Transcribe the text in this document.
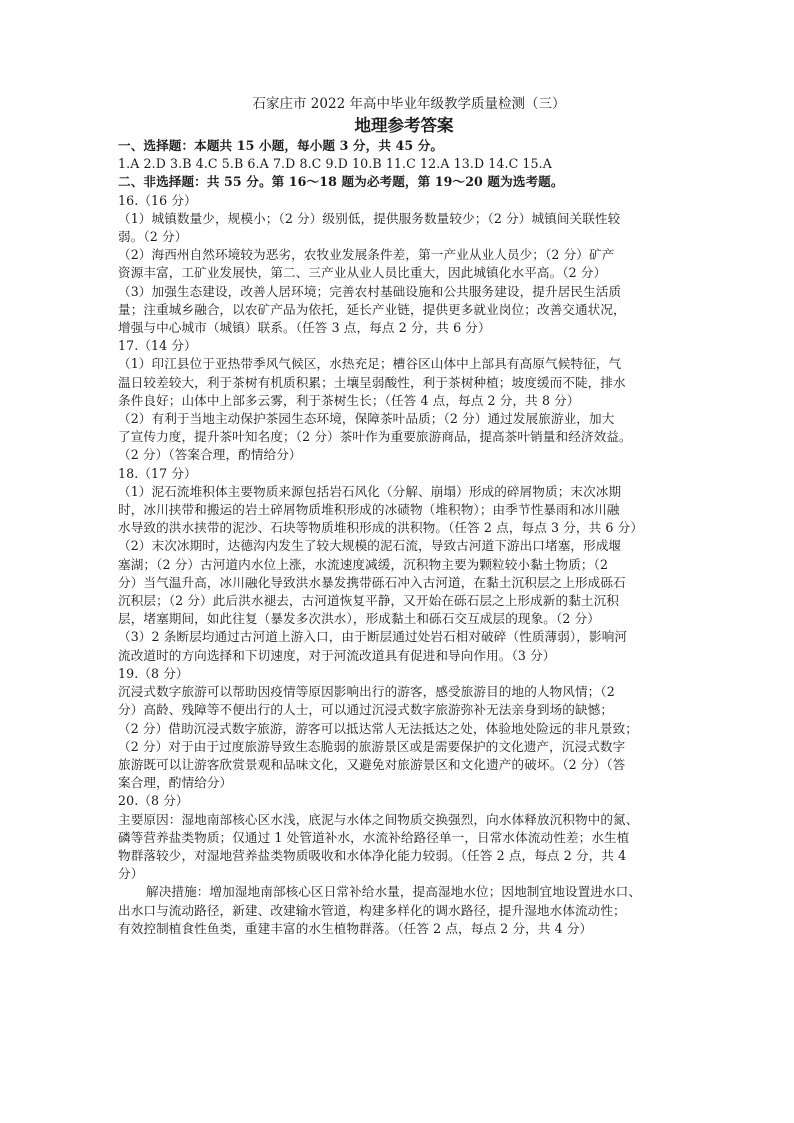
石家庄市 2022 年高中毕业年级教学质量检测（三）
地理参考答案
一、选择题：本题共 15 小题，每小题 3 分，共 45 分。
1.A 2.D 3.B 4.C 5.B 6.A 7.D 8.C 9.D 10.B 11.C 12.A 13.D 14.C 15.A
二、非选择题：共 55 分。第 16～18 题为必考题，第 19～20 题为选考题。
16.（16 分）
（1）城镇数量少，规模小；（2 分）级别低，提供服务数量较少；（2 分）城镇间关联性较
弱。（2 分）
（2）海西州自然环境较为恶劣，农牧业发展条件差，第一产业从业人员少；（2 分）矿产
资源丰富，工矿业发展快，第二、三产业从业人员比重大，因此城镇化水平高。（2 分）
（3）加强生态建设，改善人居环境；完善农村基础设施和公共服务建设，提升居民生活质
量；注重城乡融合，以农矿产品为依托，延长产业链，提供更多就业岗位；改善交通状况，
增强与中心城市（城镇）联系。（任答 3 点，每点 2 分，共 6 分）
17.（14 分）
（1）印江县位于亚热带季风气候区，水热充足；槽谷区山体中上部具有高原气候特征，气
温日较差较大，利于茶树有机质积累；土壤呈弱酸性，利于茶树种植；坡度缓而不陡，排水
条件良好；山体中上部多云雾，利于茶树生长；（任答 4 点，每点 2 分，共 8 分）
（2）有利于当地主动保护茶园生态环境，保障茶叶品质；（2 分）通过发展旅游业，加大
了宣传力度，提升茶叶知名度；（2 分）茶叶作为重要旅游商品，提高茶叶销量和经济效益。
（2 分）（答案合理，酌情给分）
18.（17 分）
（1）泥石流堆积体主要物质来源包括岩石风化（分解、崩塌）形成的碎屑物质；末次冰期
时，冰川挟带和搬运的岩土碎屑物质堆积形成的冰碛物（堆积物）；由季节性暴雨和冰川融
水导致的洪水挟带的泥沙、石块等物质堆积形成的洪积物。（任答 2 点，每点 3 分，共 6 分）
（2）末次冰期时，达德沟内发生了较大规模的泥石流，导致古河道下游出口堵塞，形成堰
塞湖；（2 分）古河道内水位上涨，水流速度减缓，沉积物主要为颗粒较小黏土物质；（2
分）当气温升高，冰川融化导致洪水暴发携带砾石冲入古河道，在黏土沉积层之上形成砾石
沉积层；（2 分）此后洪水褪去，古河道恢复平静，又开始在砾石层之上形成新的黏土沉积
层，堵塞期间，如此往复（暴发多次洪水），形成黏土和砾石交互成层的现象。（2 分）
（3）2 条断层均通过古河道上游入口，由于断层通过处岩石相对破碎（性质薄弱），影响河
流改道时的方向选择和下切速度，对于河流改道具有促进和导向作用。（3 分）
19.（8 分）
沉浸式数字旅游可以帮助因疫情等原因影响出行的游客，感受旅游目的地的人物风情；（2
分）高龄、残障等不便出行的人士，可以通过沉浸式数字旅游弥补无法亲身到场的缺憾；
（2 分）借助沉浸式数字旅游，游客可以抵达常人无法抵达之处，体验地处险远的非凡景致；
（2 分）对于由于过度旅游导致生态脆弱的旅游景区或是需要保护的文化遗产，沉浸式数字
旅游既可以让游客欣赏景观和品味文化，又避免对旅游景区和文化遗产的破坏。（2 分）（答
案合理，酌情给分）
20.（8 分）
主要原因：湿地南部核心区水浅，底泥与水体之间物质交换强烈，向水体释放沉积物中的氮、
磷等营养盐类物质；仅通过 1 处管道补水，水流补给路径单一，日常水体流动性差；水生植
物群落较少，对湿地营养盐类物质吸收和水体净化能力较弱。（任答 2 点，每点 2 分，共 4
分）
解决措施：增加湿地南部核心区日常补给水量，提高湿地水位；因地制宜地设置进水口、
出水口与流动路径，新建、改建输水管道，构建多样化的调水路径，提升湿地水体流动性；
有效控制植食性鱼类，重建丰富的水生植物群落。（任答 2 点，每点 2 分，共 4 分）
